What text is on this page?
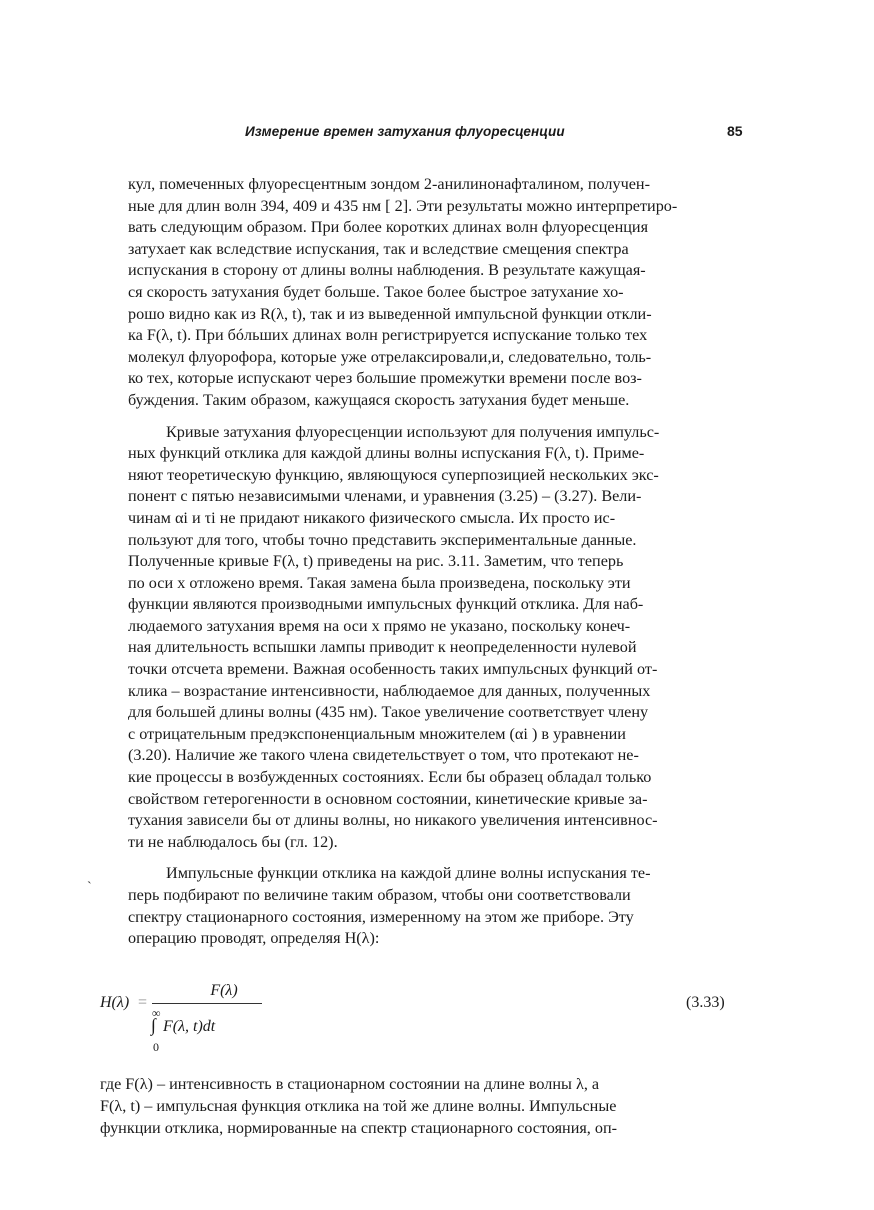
Измерение времен затухания флуоресценции	85
кул, помеченных флуоресцентным зондом 2-анилинонафталином, получен-
ные для длин волн 394, 409 и 435 нм [ 2]. Эти результаты можно интерпретиро-
вать следующим образом. При более коротких длинах волн флуоресценция
затухает как вследствие испускания, так и вследствие смещения спектра
испускания в сторону от длины волны наблюдения. В результате кажущая-
ся скорость затухания будет больше. Такое более быстрое затухание хо-
рошо видно как из R(λ, t), так и из выведенной импульсной функции откли-
ка F(λ, t). При бóльших длинах волн регистрируется испускание только тех
молекул флуорофора, которые уже отрелаксировали,и, следовательно, толь-
ко тех, которые испускают через большие промежутки времени после воз-
буждения. Таким образом, кажущаяся скорость затухания будет меньше.
Кривые затухания флуоресценции используют для получения импульс-
ных функций отклика для каждой длины волны испускания F(λ, t). Приме-
няют теоретическую функцию, являющуюся суперпозицией нескольких экс-
понент с пятью независимыми членами, и уравнения (3.25) – (3.27). Вели-
чинам αi и τi не придают никакого физического смысла. Их просто ис-
пользуют для того, чтобы точно представить экспериментальные данные.
Полученные кривые F(λ, t) приведены на рис. 3.11. Заметим, что теперь
по оси x отложено время. Такая замена была произведена, поскольку эти
функции являются производными импульсных функций отклика. Для наб-
людаемого затухания время на оси x прямо не указано, поскольку конеч-
ная длительность вспышки лампы приводит к неопределенности нулевой
точки отсчета времени. Важная особенность таких импульсных функций от-
клика – возрастание интенсивности, наблюдаемое для данных, полученных
для большей длины волны (435 нм). Такое увеличение соответствует члену
с отрицательным предэкспоненциальным множителем (αi ) в уравнении
(3.20). Наличие же такого члена свидетельствует о том, что протекают не-
кие процессы в возбужденных состояниях. Если бы образец обладал только
свойством гетерогенности в основном состоянии, кинетические кривые за-
тухания зависели бы от длины волны, но никакого увеличения интенсивнос-
ти не наблюдалось бы (гл. 12).
Импульсные функции отклика на каждой длине волны испускания те-
перь подбирают по величине таким образом, чтобы они соответствовали
спектру стационарного состояния, измеренному на этом же приборе. Эту
операцию проводят, определяя H(λ):
`
H(λ) =
F(λ)
∞
∫ F(λ, t)dt
0
(3.33)
где F(λ) – интенсивность в стационарном состоянии на длине волны λ, а
F(λ, t) – импульсная функция отклика на той же длине волны. Импульсные
функции отклика, нормированные на спектр стационарного состояния, оп-
